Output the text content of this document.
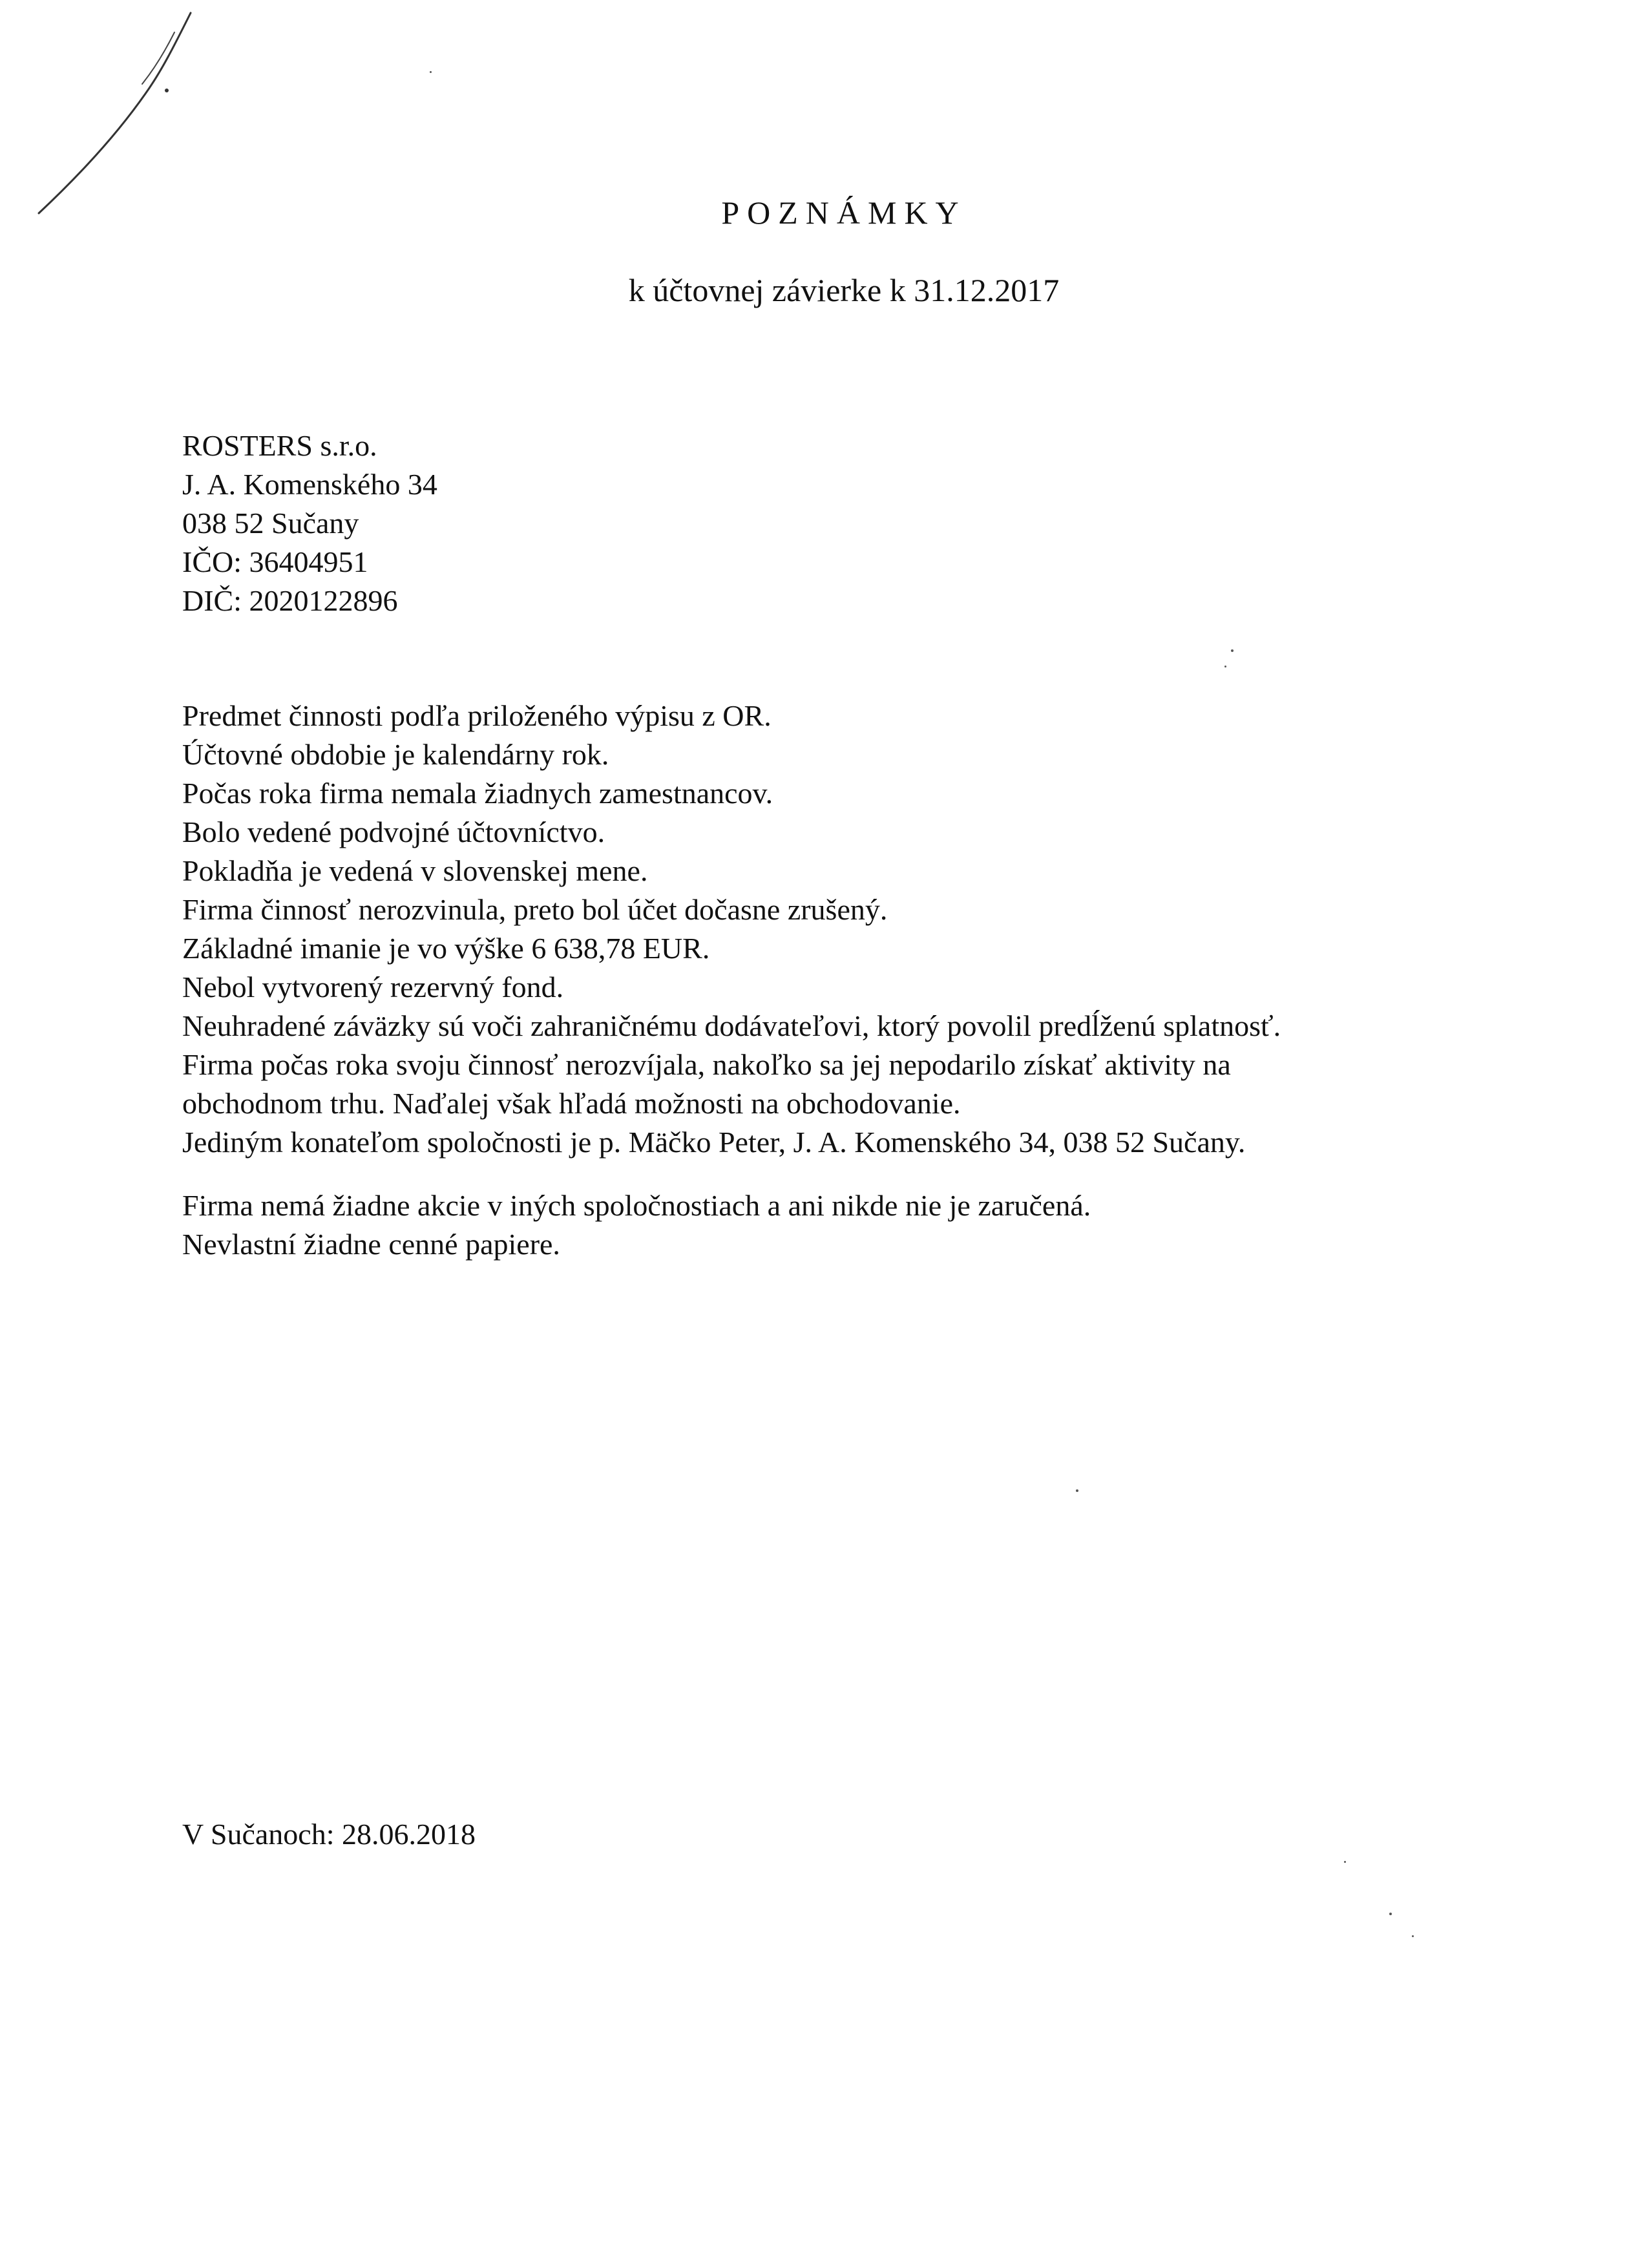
POZNÁMKY
k účtovnej závierke k 31.12.2017
ROSTERS s.r.o.
J. A. Komenského 34
038 52 Sučany
IČO: 36404951
DIČ: 2020122896
Predmet činnosti podľa priloženého výpisu z OR.
Účtovné obdobie je kalendárny rok.
Počas roka firma nemala žiadnych zamestnancov.
Bolo vedené podvojné účtovníctvo.
Pokladňa je vedená v slovenskej mene.
Firma činnosť nerozvinula, preto bol účet dočasne zrušený.
Základné imanie je vo výške 6 638,78 EUR.
Nebol vytvorený rezervný fond.
Neuhradené záväzky sú voči zahraničnému dodávateľovi, ktorý povolil predĺženú splatnosť.
Firma počas roka svoju činnosť nerozvíjala, nakoľko sa jej nepodarilo získať aktivity na
obchodnom trhu. Naďalej však hľadá možnosti na obchodovanie.
Jediným konateľom spoločnosti je p. Mäčko Peter, J. A. Komenského 34, 038 52 Sučany.
Firma nemá žiadne akcie v iných spoločnostiach a ani nikde nie je zaručená.
Nevlastní žiadne cenné papiere.
V Sučanoch: 28.06.2018
